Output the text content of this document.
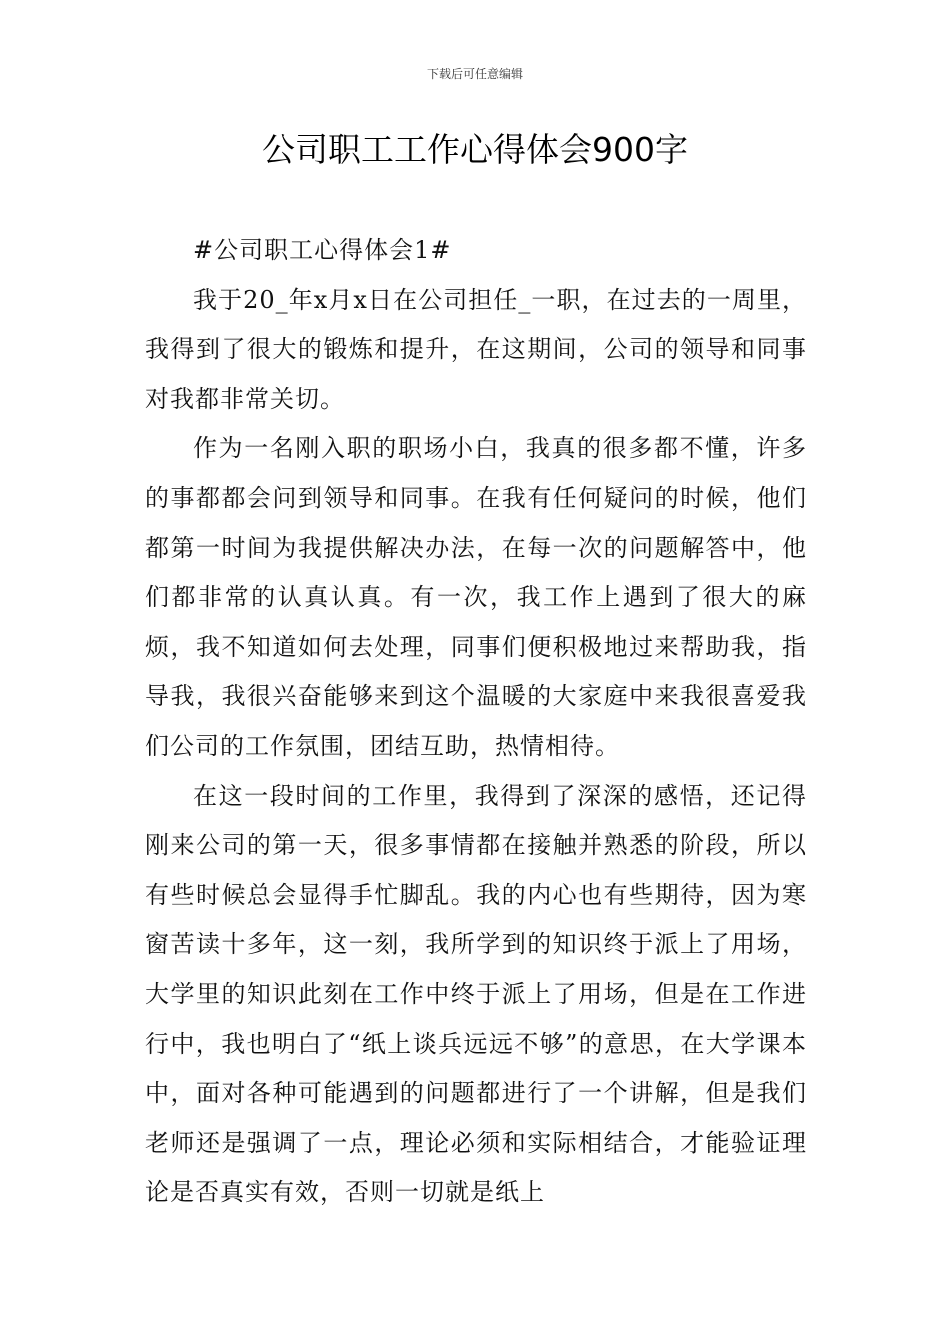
下载后可任意编辑
公司职工工作心得体会900字

#公司职工心得体会1#

我于20_年x月x日在公司担任_一职，在过去的一周里，我得到了很大的锻炼和提升，在这期间，公司的领导和同事对我都非常关切。

作为一名刚入职的职场小白，我真的很多都不懂，许多的事都都会问到领导和同事。在我有任何疑问的时候，他们都第一时间为我提供解决办法，在每一次的问题解答中，他们都非常的认真认真。有一次，我工作上遇到了很大的麻烦，我不知道如何去处理，同事们便积极地过来帮助我，指导我，我很兴奋能够来到这个温暖的大家庭中来我很喜爱我们公司的工作氛围，团结互助，热情相待。

在这一段时间的工作里，我得到了深深的感悟，还记得刚来公司的第一天，很多事情都在接触并熟悉的阶段，所以有些时候总会显得手忙脚乱。我的内心也有些期待，因为寒窗苦读十多年，这一刻，我所学到的知识终于派上了用场，大学里的知识此刻在工作中终于派上了用场，但是在工作进行中，我也明白了“纸上谈兵远远不够”的意思，在大学课本中，面对各种可能遇到的问题都进行了一个讲解，但是我们老师还是强调了一点，理论必须和实际相结合，才能验证理论是否真实有效，否则一切就是纸上
